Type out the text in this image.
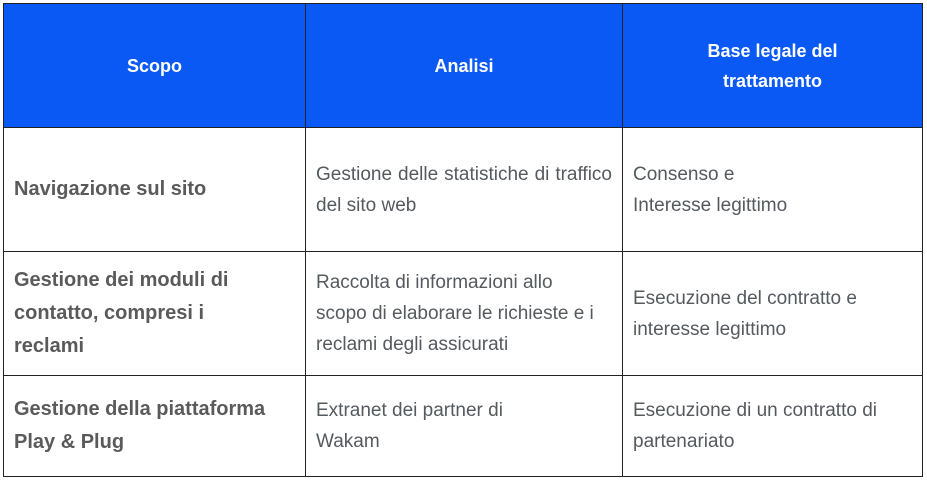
Scopo	Analisi	Base legale del trattamento
Navigazione sul sito	Gestione delle statistiche di traffico del sito web	Consenso e
Interesse legittimo

Gestione dei moduli di contatto, compresi i reclami	Raccolta di informazioni allo scopo di elaborare le richieste e i reclami degli assicurati	Esecuzione del contratto e interesse legittimo

Gestione della piattaforma Play & Plug	Extranet dei partner di Wakam	Esecuzione di un contratto di partenariato
